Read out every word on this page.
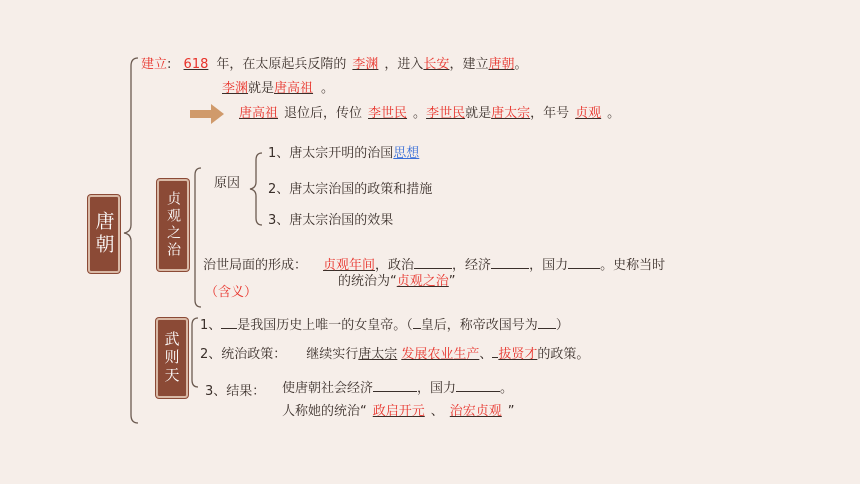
唐朝	贞观之治
武则天
建立: 618 年，在太原起兵反隋的 李渊 ，进入长安，建立唐朝。
李渊就是唐高祖 。
唐高祖 退位后，传位 李世民 。李世民就是唐太宗，年号 贞观 。
原因
1、唐太宗开明的治国思想
2、唐太宗治国的政策和措施
3、唐太宗治国的效果
治世局面的形成： 贞观年间，政治	，经济	，国力 。史称当时
（含义）
的统治为“贞观之治”
1、 是我国历史上唯一的女皇帝。（ 皇后，称帝改国号为 ）
2、统治政策： 继续实行唐太宗 发展农业生产、 拔贤才的政策。
3、结果： 使唐朝社会经济	，国力	。
人称她的统治“ 政启开元 、 治宏贞观 ”
